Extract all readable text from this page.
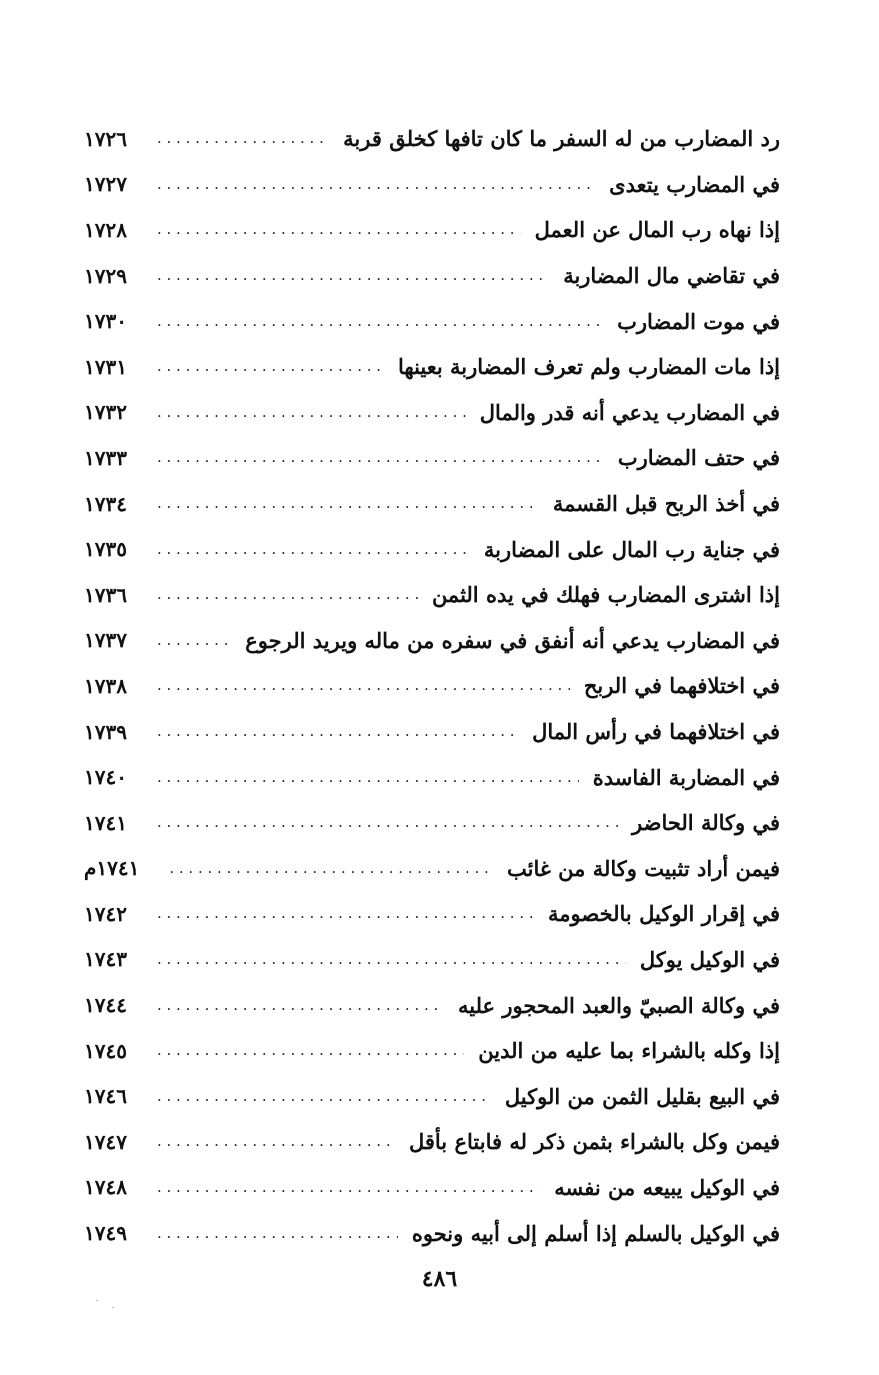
رد المضارب من له السفر ما كان تافها كخلق قربة
. . .
١٧٢٦
في المضارب يتعدى
. . .
١٧٢٧
إذا نهاه رب المال عن العمل
. . .
١٧٢٨
في تقاضي مال المضاربة
. . .
١٧٢٩
في موت المضارب
. . .
١٧٣٠
إذا مات المضارب ولم تعرف المضاربة بعينها
. . .
١٧٣١
في المضارب يدعي أنه قدر والمال
. . .
١٧٣٢
في حتف المضارب
. . .
١٧٣٣
في أخذ الربح قبل القسمة
. . .
١٧٣٤
في جناية رب المال على المضاربة
. . .
١٧٣٥
إذا اشترى المضارب فهلك في يده الثمن
. . .
١٧٣٦
في المضارب يدعي أنه أنفق في سفره من ماله ويريد الرجوع
. . .
١٧٣٧
في اختلافهما في الربح
. . .
١٧٣٨
في اختلافهما في رأس المال
. . .
١٧٣٩
في المضاربة الفاسدة
. . .
١٧٤٠
في وكالة الحاضر
. . .
١٧٤١
فيمن أراد تثبيت وكالة من غائب
. . .
١٧٤١م
في إقرار الوكيل بالخصومة
. . .
١٧٤٢
في الوكيل يوكل
. . .
١٧٤٣
في وكالة الصبيّ والعبد المحجور عليه
. . .
١٧٤٤
إذا وكله بالشراء بما عليه من الدين
. . .
١٧٤٥
في البيع بقليل الثمن من الوكيل
. . .
١٧٤٦
فيمن وكل بالشراء بثمن ذكر له فابتاع بأقل
. . .
١٧٤٧
في الوكيل يبيعه من نفسه
. . .
١٧٤٨
في الوكيل بالسلم إذا أسلم إلى أبيه ونحوه
. . .
١٧٤٩
٤٨٦
